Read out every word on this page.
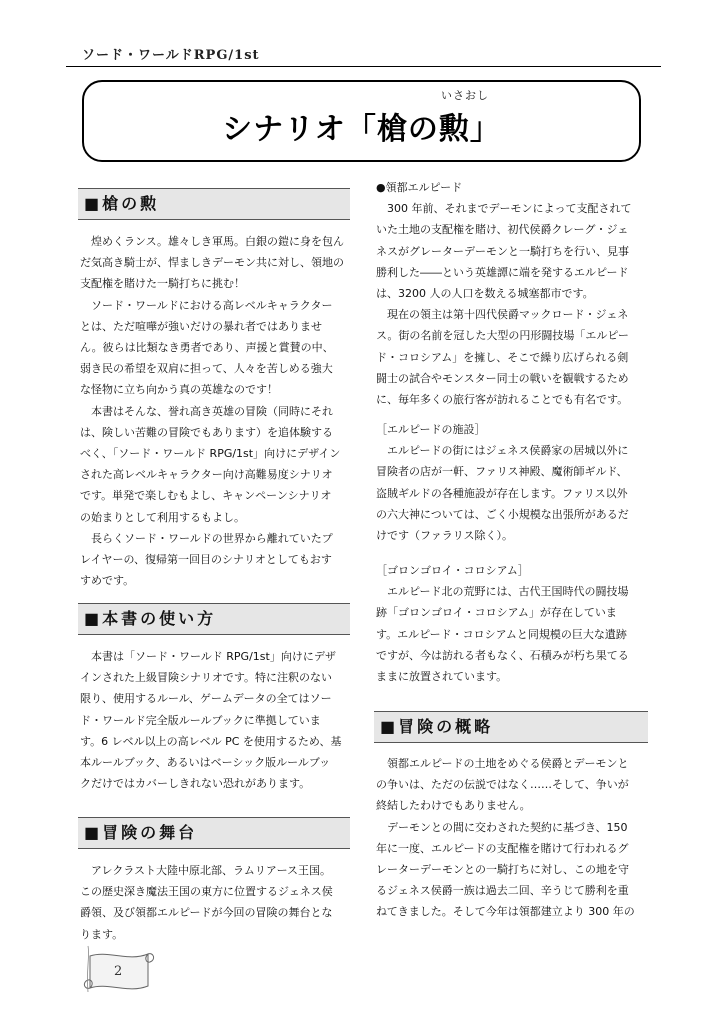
ソード・ワールドRPG/1st
いさおし
シナリオ「槍の勲」
■槍の勲
■本書の使い方
■冒険の舞台
煌めくランス。雄々しき軍馬。白銀の鎧に身を包ん
だ気高き騎士が、悍ましきデーモン共に対し、領地の
支配権を賭けた一騎打ちに挑む！
ソード・ワールドにおける高レベルキャラクター
とは、ただ喧嘩が強いだけの暴れ者ではありませ
ん。彼らは比類なき勇者であり、声援と賞賛の中、
弱き民の希望を双肩に担って、人々を苦しめる強大
な怪物に立ち向かう真の英雄なのです！
本書はそんな、誉れ高き英雄の冒険（同時にそれ
は、険しい苦難の冒険でもあります）を追体験する
べく、「ソード・ワールド RPG/1st」向けにデザイン
された高レベルキャラクター向け高難易度シナリオ
です。単発で楽しむもよし、キャンペーンシナリオ
の始まりとして利用するもよし。
長らくソード・ワールドの世界から離れていたプ
レイヤーの、復帰第一回目のシナリオとしてもおす
すめです。
本書は「ソード・ワールド RPG/1st」向けにデザ
インされた上級冒険シナリオです。特に注釈のない
限り、使用するルール、ゲームデータの全てはソー
ド・ワールド完全版ルールブックに準拠していま
す。6 レベル以上の高レベル PC を使用するため、基
本ルールブック、あるいはベーシック版ルールブッ
クだけではカバーしきれない恐れがあります。
アレクラスト大陸中原北部、ラムリアース王国。
この歴史深き魔法王国の東方に位置するジェネス侯
爵領、及び領都エルピードが今回の冒険の舞台とな
ります。
●領都エルピード
300 年前、それまでデーモンによって支配されて
いた土地の支配権を賭け、初代侯爵クレーグ・ジェ
ネスがグレーターデーモンと一騎打ちを行い、見事
勝利した――という英雄譚に端を発するエルピード
は、3200 人の人口を数える城塞都市です。
現在の領主は第十四代侯爵マックロード・ジェネ
ス。街の名前を冠した大型の円形闘技場「エルピー
ド・コロシアム」を擁し、そこで繰り広げられる剣
闘士の試合やモンスター同士の戦いを観戦するため
に、毎年多くの旅行客が訪れることでも有名です。
［エルピードの施設］
エルピードの街にはジェネス侯爵家の居城以外に
冒険者の店が一軒、ファリス神殿、魔術師ギルド、
盗賊ギルドの各種施設が存在します。ファリス以外
の六大神については、ごく小規模な出張所があるだ
けです（ファラリス除く）。
［ゴロンゴロイ・コロシアム］
エルピード北の荒野には、古代王国時代の闘技場
跡「ゴロンゴロイ・コロシアム」が存在していま
す。エルピード・コロシアムと同規模の巨大な遺跡
ですが、今は訪れる者もなく、石積みが朽ち果てる
ままに放置されています。
■冒険の概略
領都エルピードの土地をめぐる侯爵とデーモンと
の争いは、ただの伝説ではなく……そして、争いが
終結したわけでもありません。
デーモンとの間に交わされた契約に基づき、150
年に一度、エルピードの支配権を賭けて行われるグ
レーターデーモンとの一騎打ちに対し、この地を守
るジェネス侯爵一族は過去二回、辛うじて勝利を重
ねてきました。そして今年は領都建立より 300 年の
2
